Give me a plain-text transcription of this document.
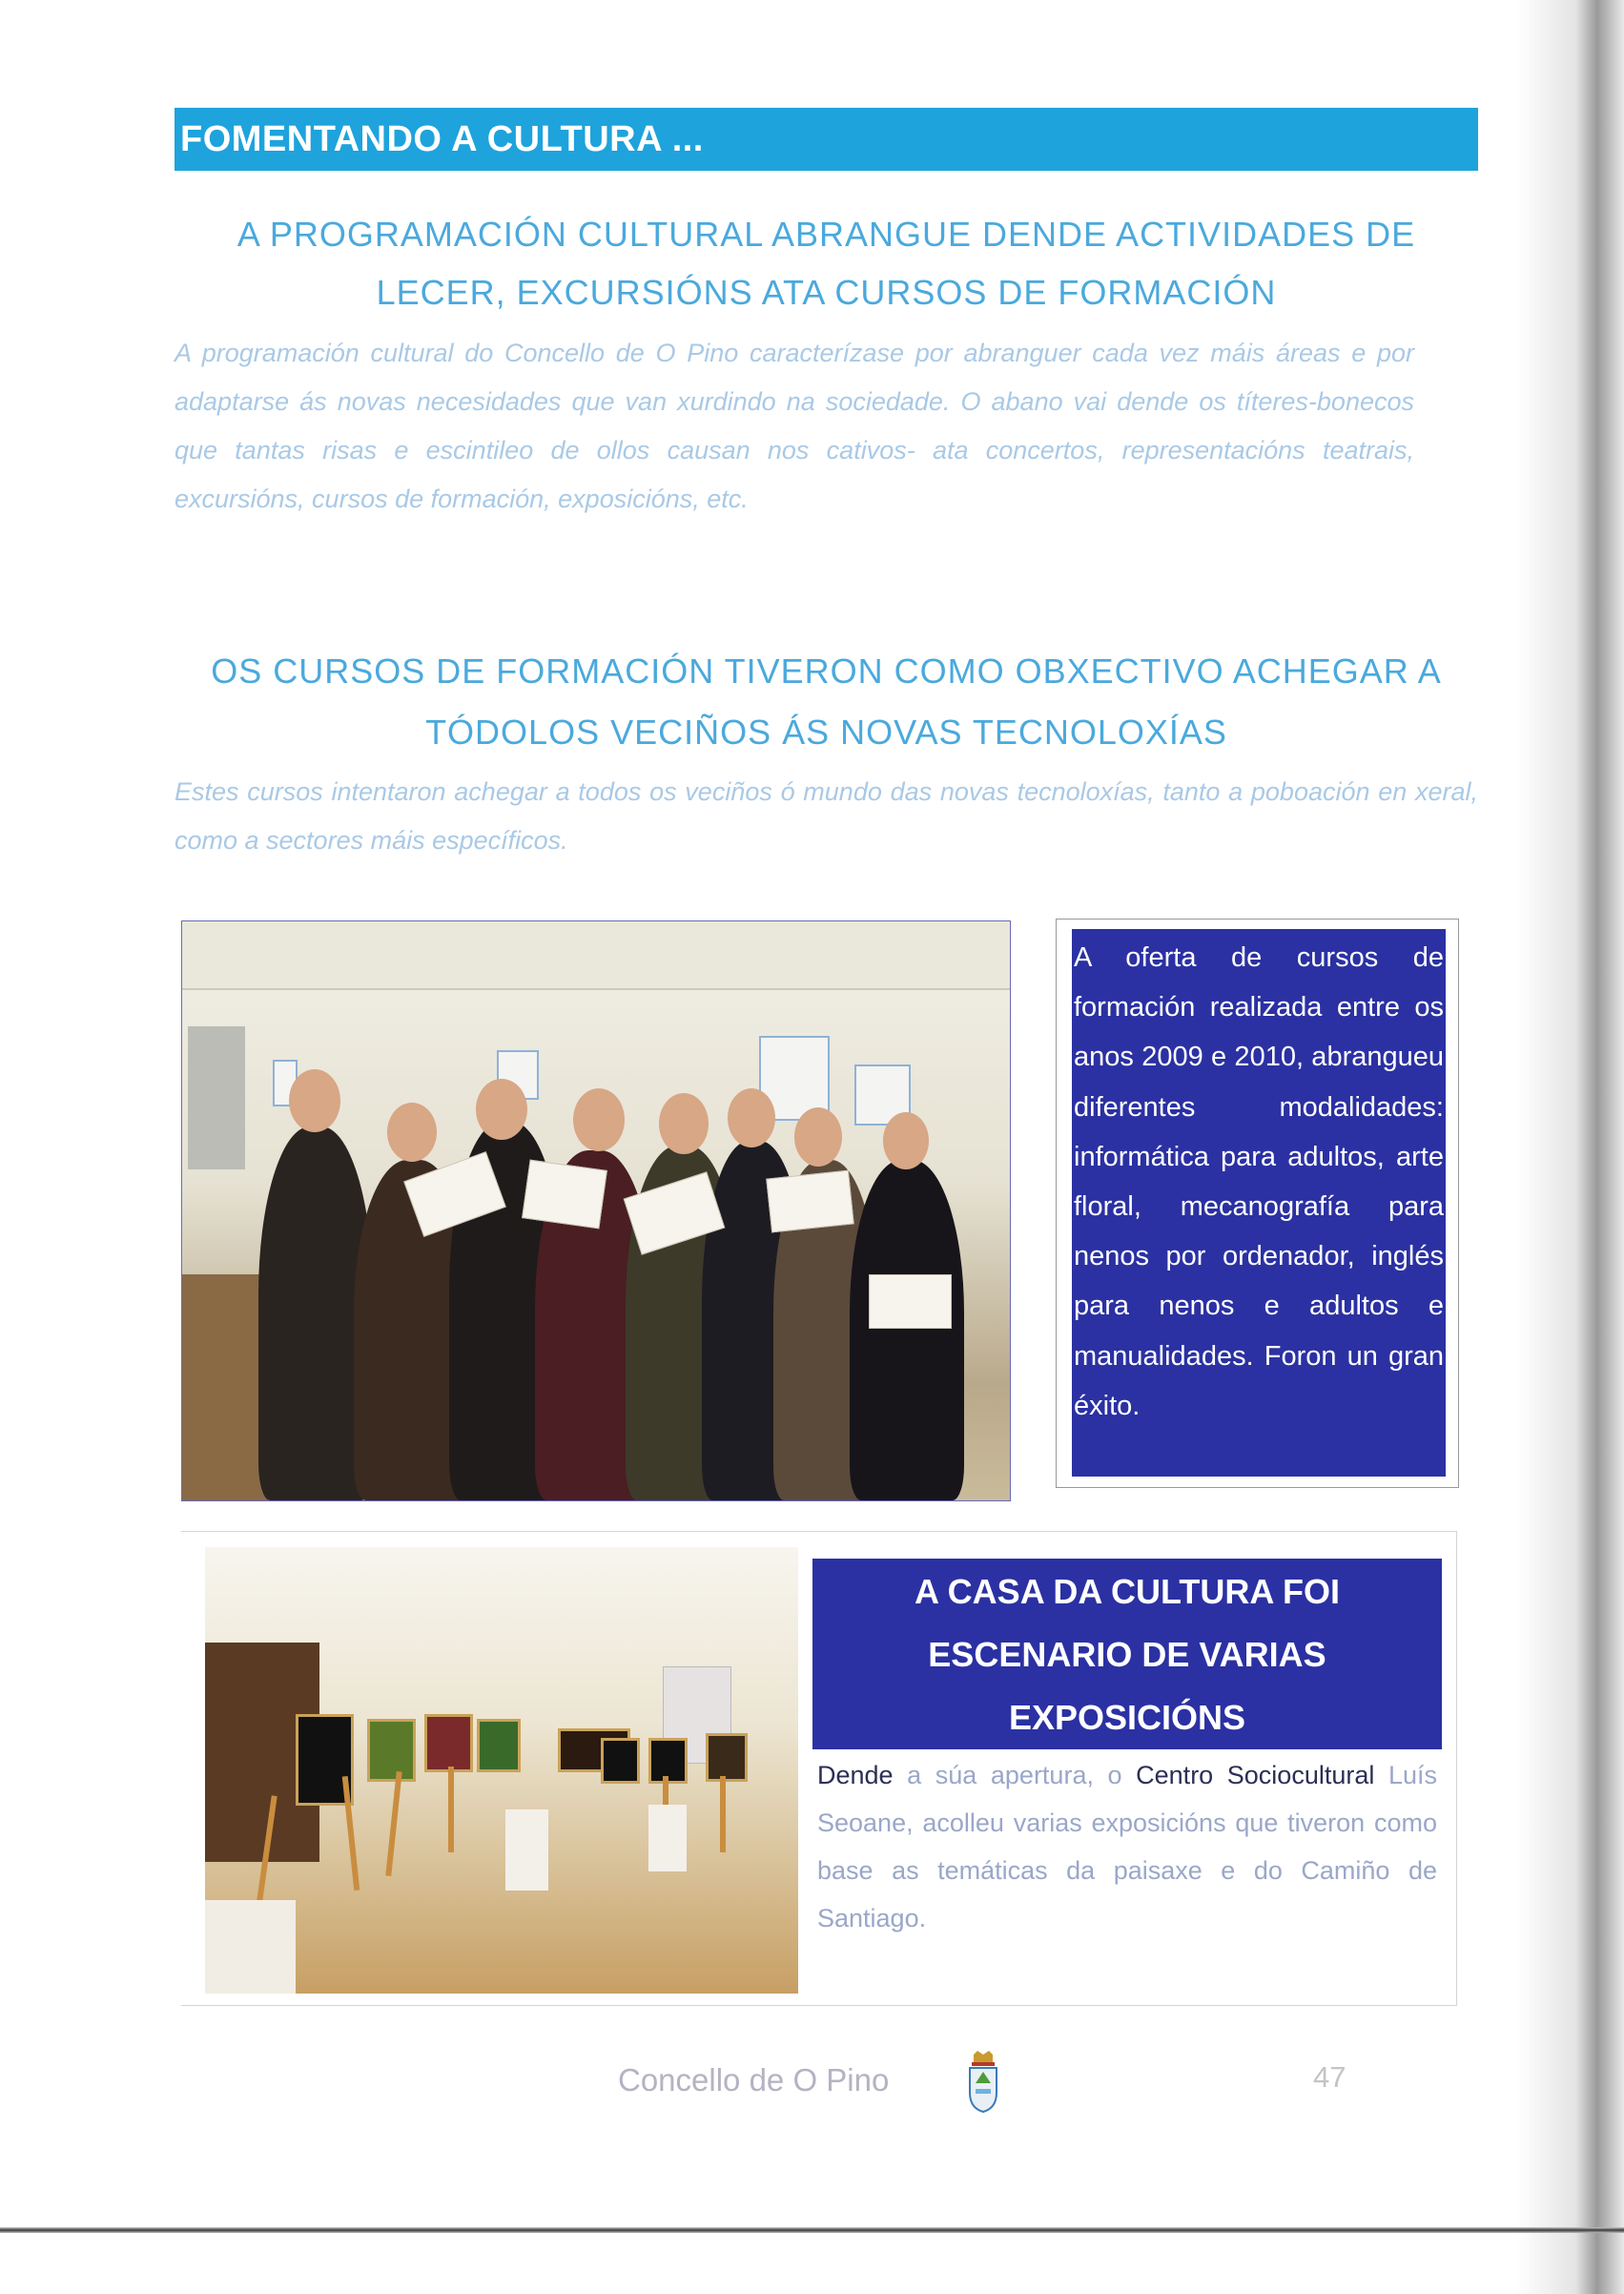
FOMENTANDO A CULTURA ...
A PROGRAMACIÓN CULTURAL ABRANGUE DENDE ACTIVIDADES DE
LECER, EXCURSIÓNS ATA CURSOS DE FORMACIÓN

A programación cultural do Concello de O Pino caracterízase por abranguer cada vez máis áreas e por adaptarse ás novas necesidades que van xurdindo na sociedade. O abano vai dende os títeres-bonecos que tantas risas e escintileo de ollos causan nos cativos- ata concertos, representacións teatrais, excursións, cursos de formación, exposicións, etc.

OS CURSOS DE FORMACIÓN TIVERON COMO OBXECTIVO ACHEGAR A
TÓDOLOS VECIÑOS ÁS NOVAS TECNOLOXÍAS

Estes cursos intentaron achegar a todos os veciños ó mundo das novas tecnoloxías, tanto a poboación en xeral, como a sectores máis específicos.

A oferta de cursos de formación realizada entre os anos 2009 e 2010, abrangueu diferentes modalidades: informática para adultos, arte floral, mecanografía para nenos por ordenador, inglés para nenos e adultos e manualidades. Foron un gran éxito.

A CASA DA CULTURA FOI
ESCENARIO DE VARIAS
EXPOSICIÓNS

Dende a súa apertura, o Centro Sociocultural Luís Seoane, acolleu varias exposicións que tiveron como base as temáticas da paisaxe e do Camiño de Santiago.

Concello de O Pino	47
